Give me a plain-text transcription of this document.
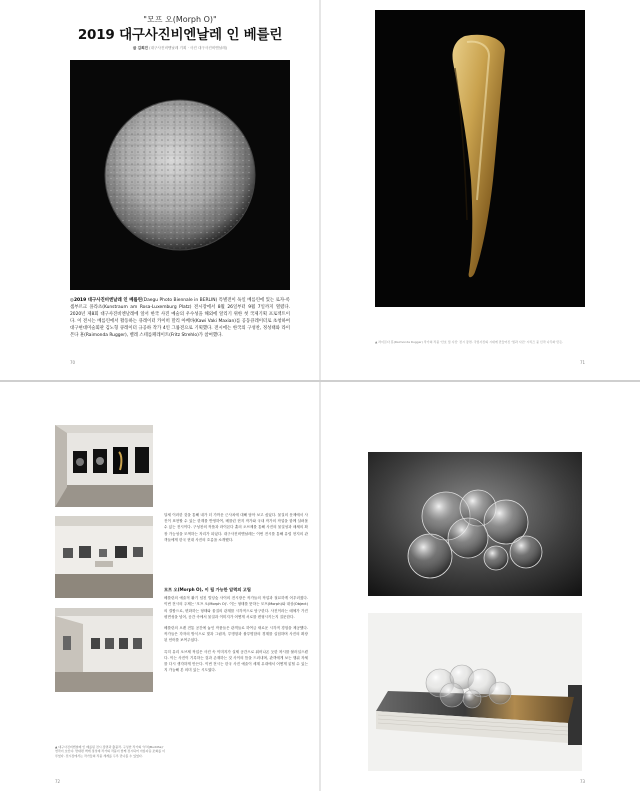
"모프 오(Morph O)"
2019 대구사진비엔날레 인 베를린
글 김희진 (대구사진비엔날레 기획 · 사진 대구사진비엔날레)
◎2019 대구사진비엔날레 인 베를린(Daegu Photo Biennale in BERLIN) 특별전이 독일 베를린에 있는 로자-룩셈부르크 플라츠(Kunstraum am Rosa-Luxemburg Platz) 전시장에서 8월 26일부터 9월 7일까지 열렸다. 2020년 제8회 대구사진비엔날레에 앞서 한국 사진 예술의 우수성을 해외에 알리기 위한 첫 국제기획 프로젝트이다. 이 전시는 베를린에서 활동하는 큐레이터 카이히 말리 아베바(Kawi Vaki Maxian)를 공동큐레이터로 초청하여 대구현대미술회관 김노형 큐레이터 규공하 작가 4인 그룹전으로 기획했다. 전시에는 한국의 구성찬, 정성태와 라이몬다 훈(Raimonda Rugger), 벨레 스테를페레이트(Fritz Strehlo)가 참여했다.
70
▲ 라이몬다 훈(Raimonda Rugger) 작가의 작품 '산호 및 사진' 전시 장면. 국립사진의 시대에 만들어진 '빛과 사진' 시리즈 중 신작 나무와 만든.
71
▲ 대구사진비엔날레 인 베를린 전시 장면과 출품작. 구성찬 작가의 '부처(Buddha)' 연작이 보인다. 반대편 벽에 정성태 작가의 작품이 함께 전시되어 아름다운 조화를 이루었다. 전시장에서는 작가들의 작품 세계를 두루 만나볼 수 있었다.

달세 이러한 것을 통해 내가 더 가까운 근사치에 대해 담아 보고 싶었다. 물질의 문제에서 사진이 표현할 수 있는 한계를 반영하여, 베를린 현지 작가와 국내 작가의 작업을 함께 살펴볼 수 있는 전시이다. 구성찬의 작품과 라이몬다 훈의 오브제를 통해 사진의 물질성과 매체의 확장 가능성을 모색하는 자리가 되었다. 대구사진비엔날레는 이번 전시를 통해 유럽 현지의 관객들에게 한국 현대 사진의 흐름을 소개했다.

모프 오(Morph O), 이 될 가능한 압력의 고립

베를린의 예술적 활기 넘친 빌딩숲 사이의 전시장은 작가들의 작업과 절묘하게 어우러졌다. 이번 전시의 주제는 '모프 오(Morph O)'. 이는 형태를 뜻하는 모프(Morph)와 대상(Object)의 결합으로, 변화하는 형태와 물질의 관계를 시각적으로 탐구한다. 사진이라는 매체가 가진 평면성을 넘어, 공간 속에서 물질과 이미지가 어떻게 서로를 변형시키는지 질문한다.

베를린의 오랜 전통 공간에 놓인 작품들은 관객들로 하여금 새로운 시각적 경험을 제공했다. 작가들은 각자의 방식으로 빛과 그림자, 투명함과 불투명함의 경계를 실험하며 사진의 확장된 언어를 보여주었다.

특히 유리 오브제 작업은 사진 속 이미지가 실제 공간으로 튀어나온 듯한 착시를 불러일으켰다. 이는 사진이 기록하는 것과 존재하는 것 사이의 틈을 드러내며, 관객에게 보는 행위 자체를 다시 생각하게 만든다. 이번 전시는 한국 사진 예술이 세계 무대에서 어떻게 읽힐 수 있는지 가늠해 본 의미 있는 시도였다.

72	73
